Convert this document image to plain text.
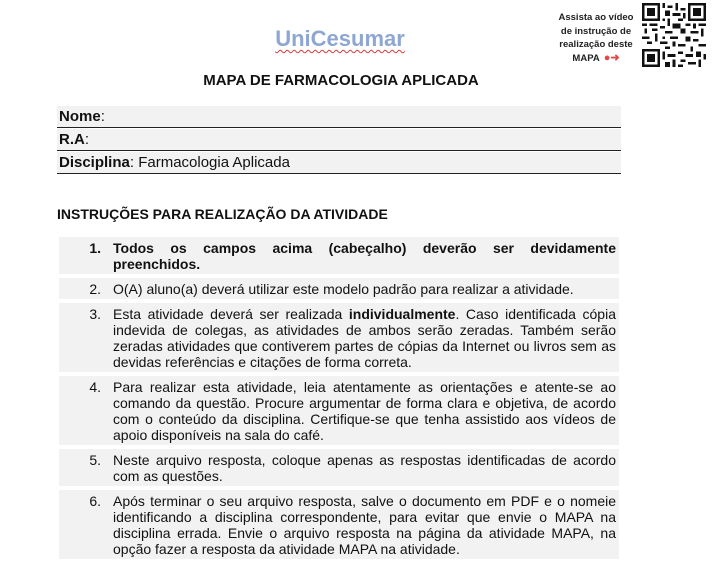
UniCesumar
Assista ao vídeo
de instrução de
realização deste
MAPA ●➜
MAPA DE FARMACOLOGIA APLICADA
Nome:
R.A:
Disciplina: Farmacologia Aplicada
INSTRUÇÕES PARA REALIZAÇÃO DA ATIVIDADE
1. Todos os campos acima (cabeçalho) deverão ser devidamente preenchidos.
2. O(A) aluno(a) deverá utilizar este modelo padrão para realizar a atividade.
3. Esta atividade deverá ser realizada individualmente. Caso identificada cópia indevida de colegas, as atividades de ambos serão zeradas. Também serão zeradas atividades que contiverem partes de cópias da Internet ou livros sem as devidas referências e citações de forma correta.
4. Para realizar esta atividade, leia atentamente as orientações e atente-se ao comando da questão. Procure argumentar de forma clara e objetiva, de acordo com o conteúdo da disciplina. Certifique-se que tenha assistido aos vídeos de apoio disponíveis na sala do café.
5. Neste arquivo resposta, coloque apenas as respostas identificadas de acordo com as questões.
6. Após terminar o seu arquivo resposta, salve o documento em PDF e o nomeie identificando a disciplina correspondente, para evitar que envie o MAPA na disciplina errada. Envie o arquivo resposta na página da atividade MAPA, na opção fazer a resposta da atividade MAPA na atividade.
